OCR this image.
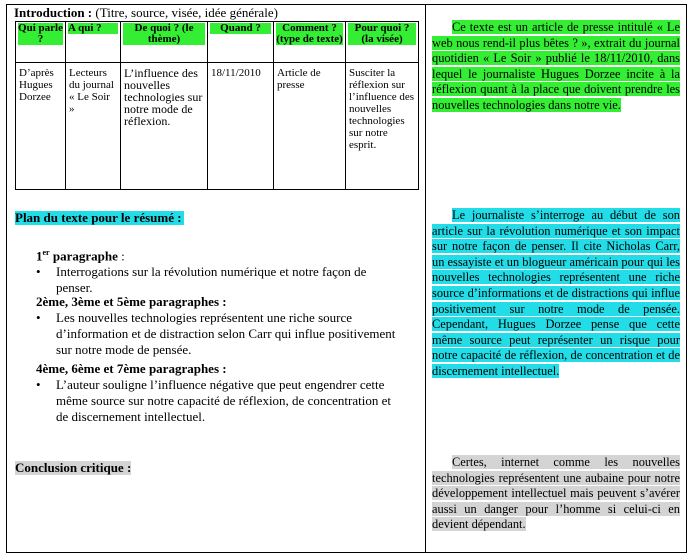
Introduction : (Titre, source, visée, idée générale)
Qui parle ?	A qui ?	De quoi ? (le thème)	Quand ?	Comment ? (type de texte)	Pour quoi ? (la visée)

D’après Hugues Dorzee	Lecteurs du journal « Le Soir »	L’influence des nouvelles technologies sur notre mode de réflexion.	18/11/2010	Article de presse	Susciter la réflexion sur l’influence des nouvelles technologies sur notre esprit.
Plan du texte pour le résumé :
1er paragraphe :
• Interrogations sur la révolution numérique et notre façon de penser.
2ème, 3ème et 5ème paragraphes :
• Les nouvelles technologies représentent une riche source d’information et de distraction selon Carr qui influe positivement sur notre mode de pensée.
4ème, 6ème et 7ème paragraphes :
• L’auteur souligne l’influence négative que peut engendrer cette même source sur notre capacité de réflexion, de concentration et de discernement intellectuel.
Conclusion critique :
Ce texte est un article de presse intitulé « Le web nous rend-il plus bêtes ? », extrait du journal quotidien « Le Soir » publié le 18/11/2010, dans lequel le journaliste Hugues Dorzee incite à la réflexion quant à la place que doivent prendre les nouvelles technologies dans notre vie.
Le journaliste s’interroge au début de son article sur la révolution numérique et son impact sur notre façon de penser. Il cite Nicholas Carr, un essayiste et un blogueur américain pour qui les nouvelles technologies représentent une riche source d’informations et de distractions qui influe positivement sur notre mode de pensée. Cependant, Hugues Dorzee pense que cette même source peut représenter un risque pour notre capacité de réflexion, de concentration et de discernement intellectuel.
Certes, internet comme les nouvelles technologies représentent une aubaine pour notre développement intellectuel mais peuvent s’avérer aussi un danger pour l’homme si celui-ci en devient dépendant.
